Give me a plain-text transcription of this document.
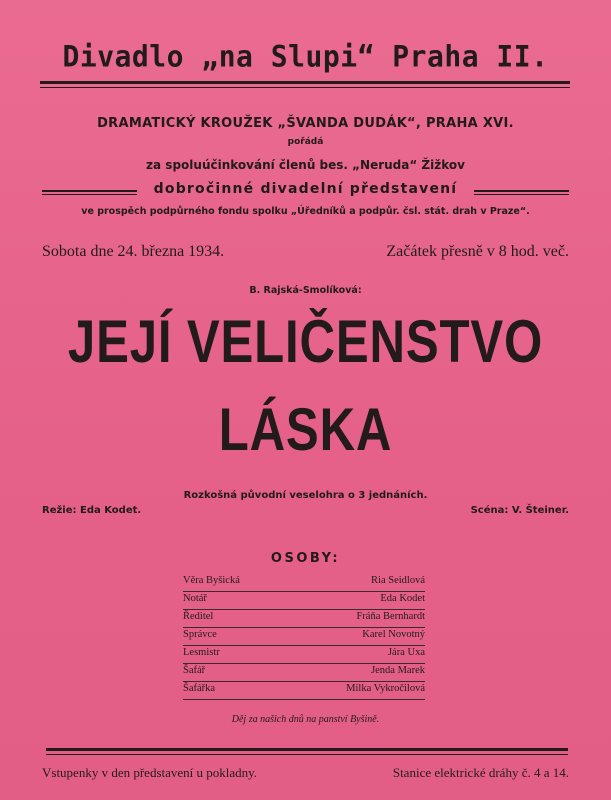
Divadlo „na Slupi“ Praha II.
DRAMATICKÝ KROUŽEK „ŠVANDA DUDÁK“, PRAHA XVI.
pořádá
za spoluúčinkování členů bes. „Neruda“ Žižkov
dobročinné divadelní představení
ve prospěch podpůrného fondu spolku „Úředníků a podpůr. čsl. stát. drah v Praze“.
Sobota dne 24. března 1934.	Začátek přesně v 8 hod. več.
B. Rajská-Smolíková:
JEJÍ VELIČENSTVO
LÁSKA
Rozkošná původní veselohra o 3 jednáních.
Režie: Eda Kodet.	Scéna: V. Šteiner.
OSOBY:
Věra Byšická	Ria Seidlová
Notář	Eda Kodet
Ředitel	Fráňa Bernhardt
Správce	Karel Novotný
Lesmistr	Jára Uxa
Šafář	Jenda Marek
Šafářka	Milka Vykročilová
Děj za našich dnů na panství Byšině.
Vstupenky v den představení u pokladny.	Stanice elektrické dráhy č. 4 a 14.
